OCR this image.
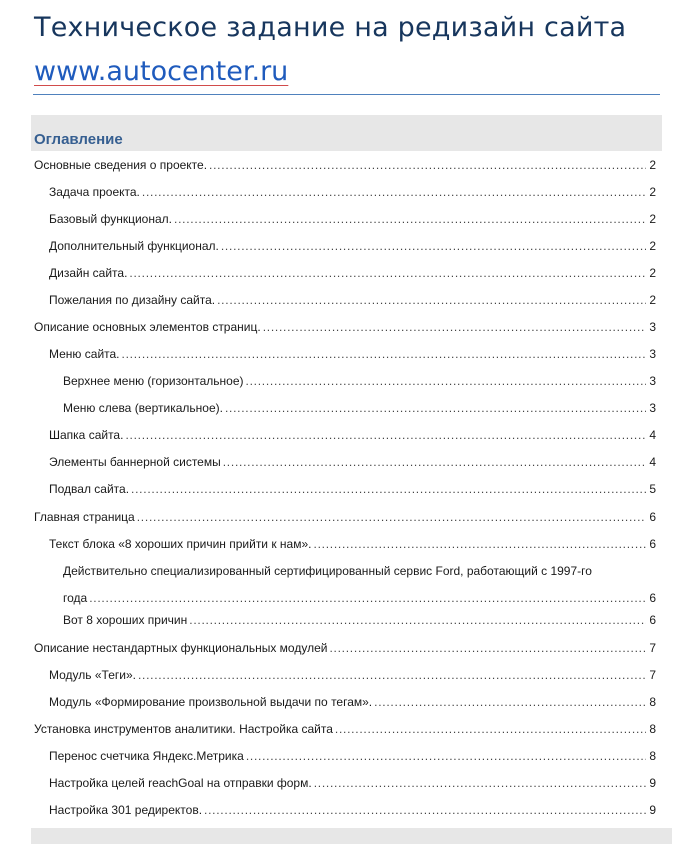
Техническое задание на редизайн сайта
www.autocenter.ru
Оглавление
Основные сведения о проекте. . . .	2
Задача проекта. . . .	2
Базовый функционал. . . .	2
Дополнительный функционал. . . .	2
Дизайн сайта. . . .	2
Пожелания по дизайну сайта. . . .	2
Описание основных элементов страниц. . . .	3
Меню сайта. . . .	3
Верхнее меню (горизонтальное) . . .	3
Меню слева (вертикальное). . . .	3
Шапка сайта. . . .	4
Элементы баннерной системы . . .	4
Подвал сайта. . . .	5
Главная страница . . .	6
Текст блока «8 хороших причин прийти к нам». . . .	6
Действительно специализированный сертифицированный сервис Ford, работающий с 1997-го
года . . .	6
Вот 8 хороших причин . . .	6
Описание нестандартных функциональных модулей . . .	7
Модуль «Теги». . . .	7
Модуль «Формирование произвольной выдачи по тегам». . . .	8
Установка инструментов аналитики. Настройка сайта . . .	8
Перенос счетчика Яндекс.Метрика . . .	8
Настройка целей reachGoal на отправки форм. . . .	9
Настройка 301 редиректов. . . .	9
